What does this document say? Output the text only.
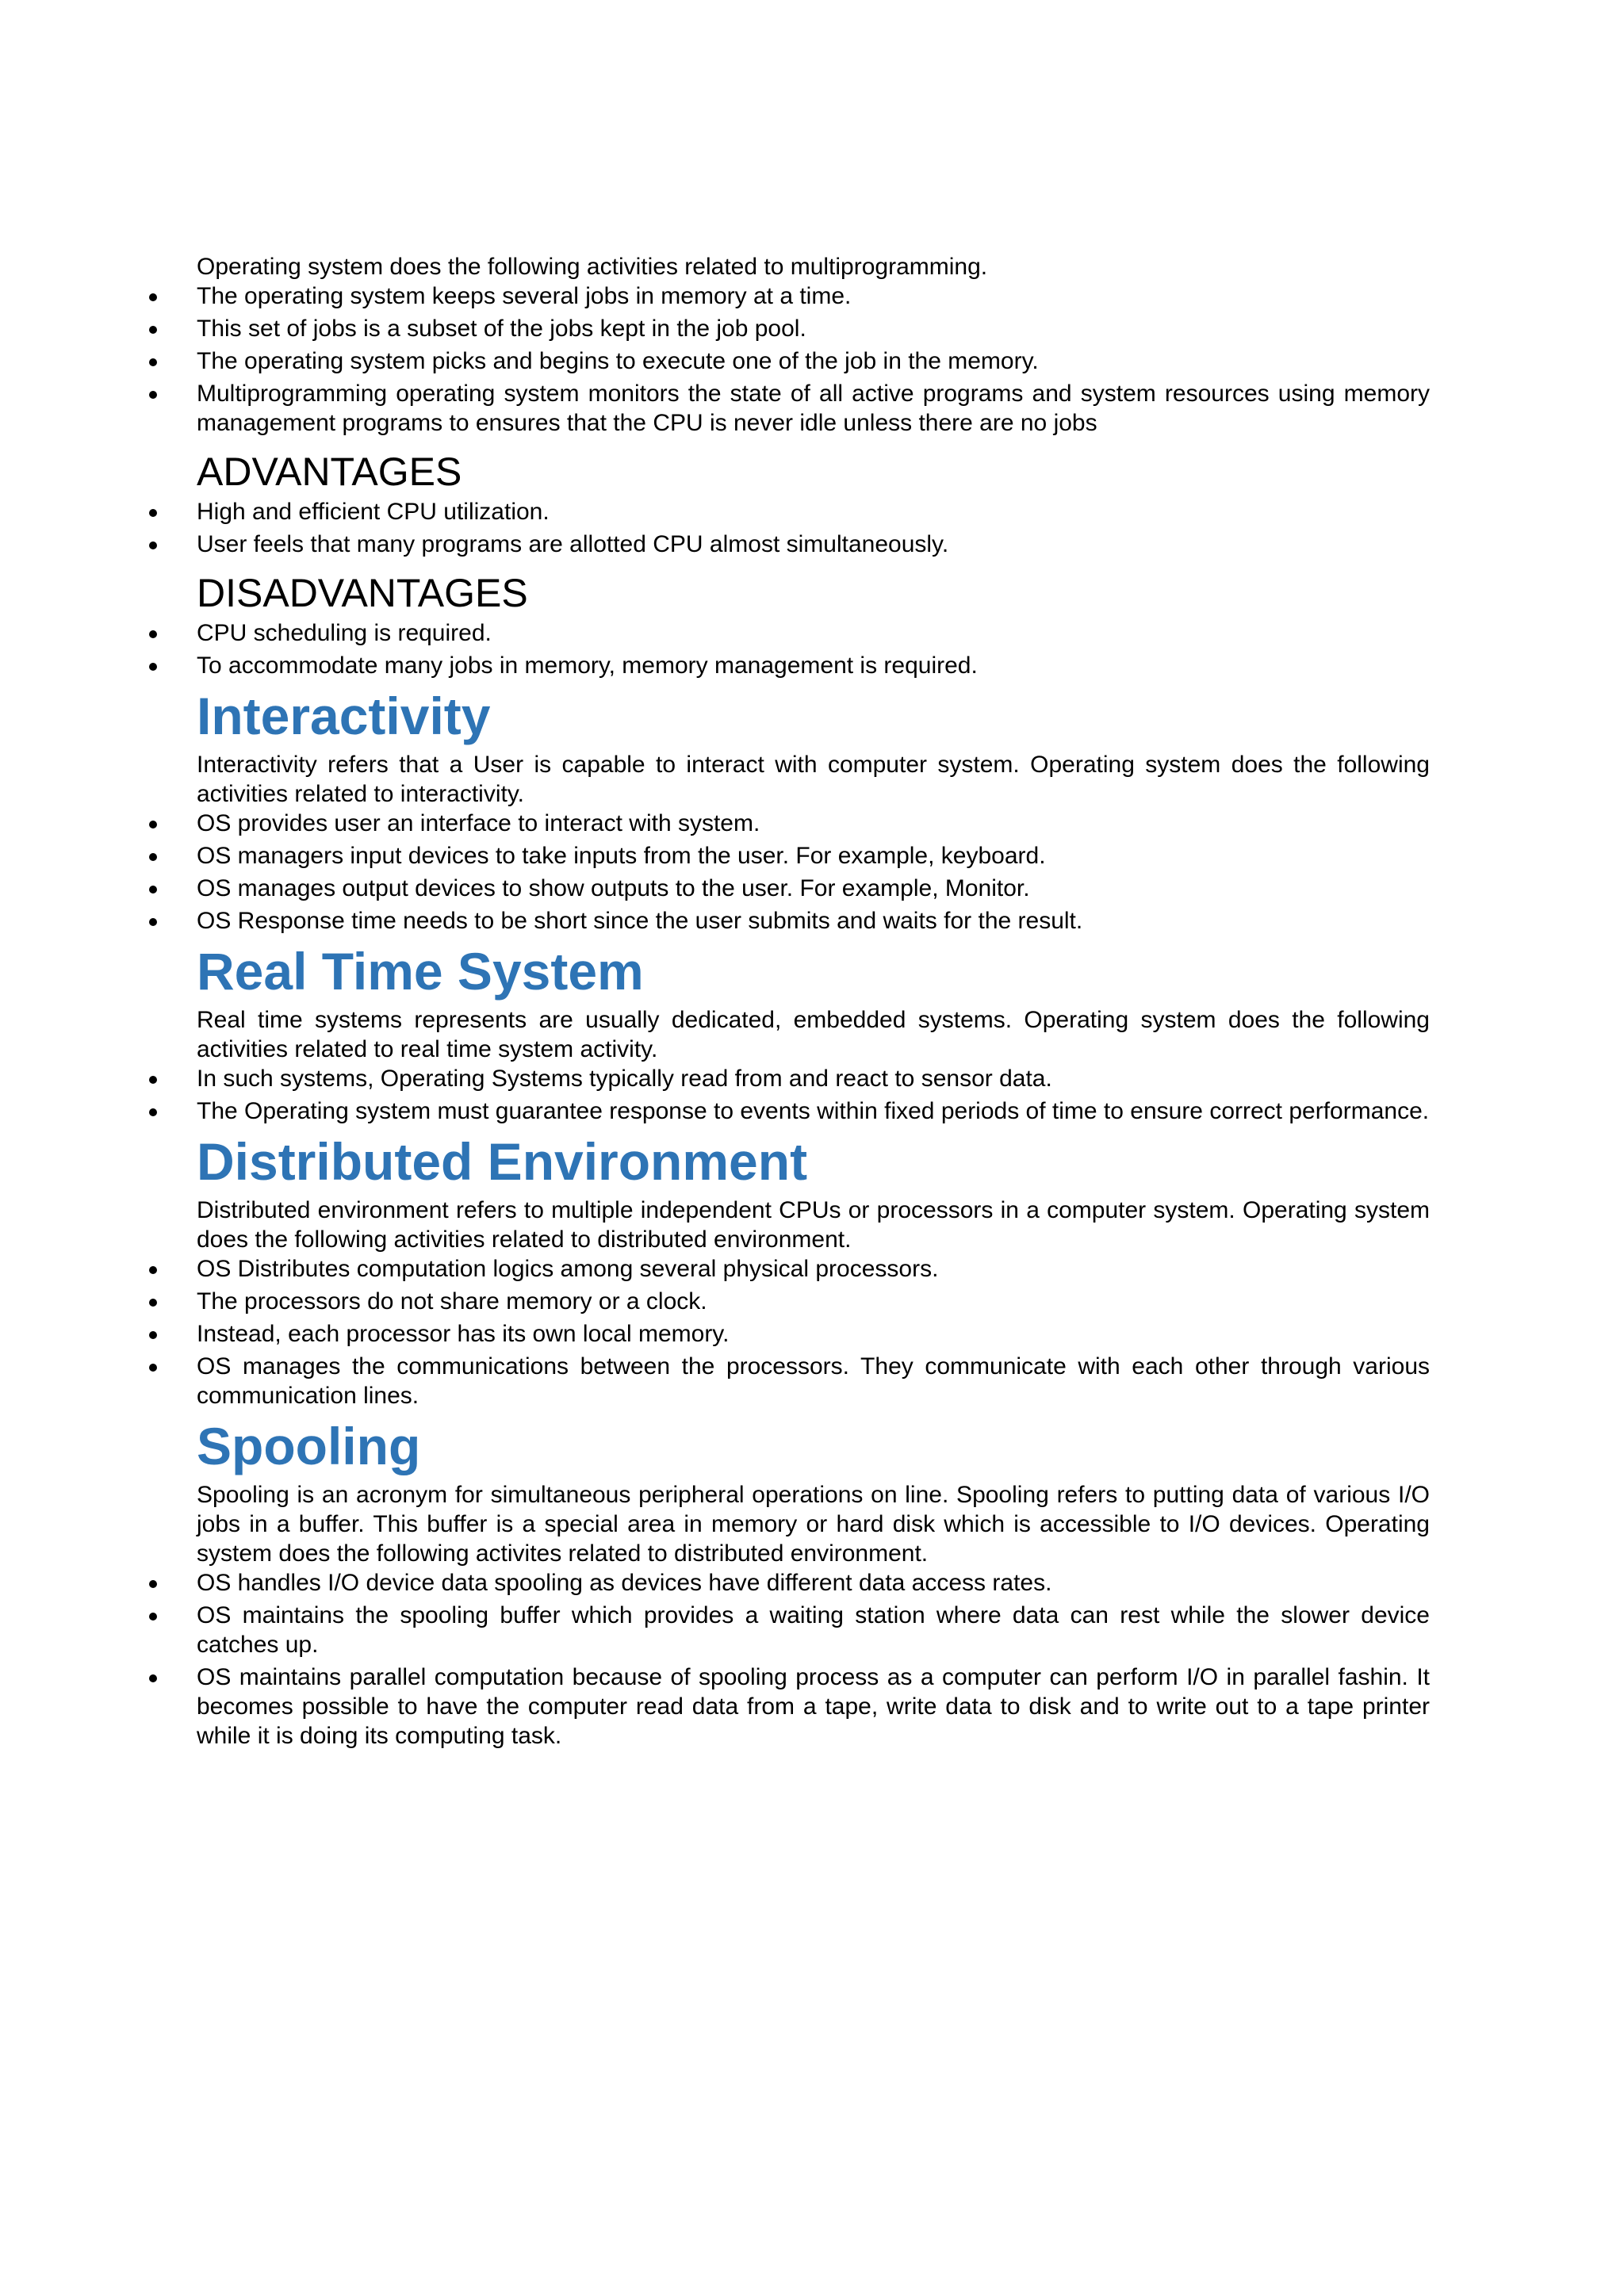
Operating system does the following activities related to multiprogramming.

The operating system keeps several jobs in memory at a time.
This set of jobs is a subset of the jobs kept in the job pool.
The operating system picks and begins to execute one of the job in the memory.
Multiprogramming operating system monitors the state of all active programs and system resources using memory management programs to ensures that the CPU is never idle unless there are no jobs
ADVANTAGES
High and efficient CPU utilization.
User feels that many programs are allotted CPU almost simultaneously.
DISADVANTAGES
CPU scheduling is required.
To accommodate many jobs in memory, memory management is required.
Interactivity

Interactivity refers that a User is capable to interact with computer system. Operating system does the following activities related to interactivity.

OS provides user an interface to interact with system.
OS managers input devices to take inputs from the user. For example, keyboard.
OS manages output devices to show outputs to the user. For example, Monitor.
OS Response time needs to be short since the user submits and waits for the result.
Real Time System

Real time systems represents are usually dedicated, embedded systems. Operating system does the following activities related to real time system activity.

In such systems, Operating Systems typically read from and react to sensor data.
The Operating system must guarantee response to events within fixed periods of time to ensure correct performance.
Distributed Environment

Distributed environment refers to multiple independent CPUs or processors in a computer system. Operating system does the following activities related to distributed environment.

OS Distributes computation logics among several physical processors.
The processors do not share memory or a clock.
Instead, each processor has its own local memory.
OS manages the communications between the processors. They communicate with each other through various communication lines.
Spooling

Spooling is an acronym for simultaneous peripheral operations on line. Spooling refers to putting data of various I/O jobs in a buffer. This buffer is a special area in memory or hard disk which is accessible to I/O devices. Operating system does the following activites related to distributed environment.

OS handles I/O device data spooling as devices have different data access rates.
OS maintains the spooling buffer which provides a waiting station where data can rest while the slower device catches up.
OS maintains parallel computation because of spooling process as a computer can perform I/O in parallel fashin. It becomes possible to have the computer read data from a tape, write data to disk and to write out to a tape printer while it is doing its computing task.
